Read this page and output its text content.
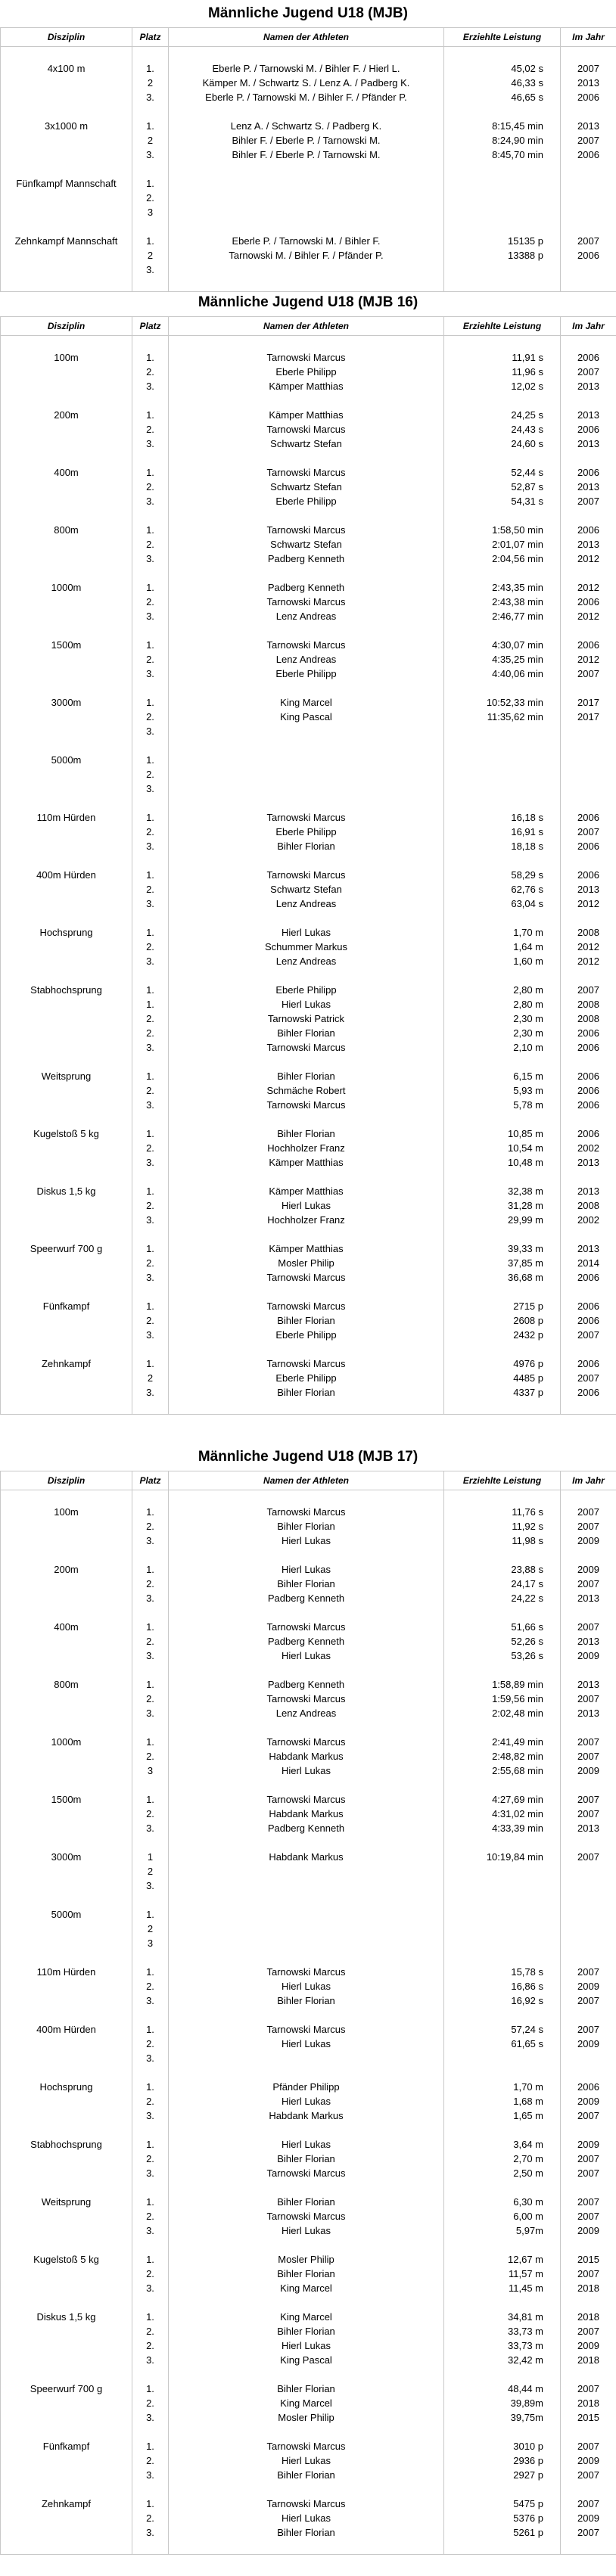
Männliche Jugend U18 (MJB)
Disziplin	Platz	Namen der Athleten	Erziehlte Leistung	Im Jahr

4x100 m	1.	Eberle P. / Tarnowski M. / Bihler F. / Hierl L.	45,02 s	2007
	2	Kämper M. / Schwartz S. / Lenz A. / Padberg K.	46,33 s	2013
	3.	Eberle P. / Tarnowski M. / Bihler F. / Pfänder P.	46,65 s	2006

3x1000 m	1.	Lenz A. / Schwartz S. / Padberg K.	8:15,45 min	2013
	2	Bihler F. / Eberle P. / Tarnowski M.	8:24,90 min	2007
	3.	Bihler F. / Eberle P. / Tarnowski M.	8:45,70 min	2006

Fünfkampf Mannschaft	1.			
	2.			
	3			

Zehnkampf Mannschaft	1.	Eberle P. / Tarnowski M. / Bihler F.	15135 p	2007
	2	Tarnowski M. / Bihler F. / Pfänder P.	13388 p	2006
	3.			

Männliche Jugend U18 (MJB 16)
Disziplin	Platz	Namen der Athleten	Erziehlte Leistung	Im Jahr

100m	1.	Tarnowski Marcus	11,91 s	2006
	2.	Eberle Philipp	11,96 s	2007
	3.	Kämper Matthias	12,02 s	2013

200m	1.	Kämper Matthias	24,25 s	2013
	2.	Tarnowski Marcus	24,43 s	2006
	3.	Schwartz Stefan	24,60 s	2013

400m	1.	Tarnowski Marcus	52,44 s	2006
	2.	Schwartz Stefan	52,87 s	2013
	3.	Eberle Philipp	54,31 s	2007

800m	1.	Tarnowski Marcus	1:58,50 min	2006
	2.	Schwartz Stefan	2:01,07 min	2013
	3.	Padberg Kenneth	2:04,56 min	2012

1000m	1.	Padberg Kenneth	2:43,35 min	2012
	2.	Tarnowski Marcus	2:43,38 min	2006
	3.	Lenz Andreas	2:46,77 min	2012

1500m	1.	Tarnowski Marcus	4:30,07 min	2006
	2.	Lenz Andreas	4:35,25 min	2012
	3.	Eberle Philipp	4:40,06 min	2007

3000m	1.	King Marcel	10:52,33 min	2017
	2.	King Pascal	11:35,62 min	2017
	3.			

5000m	1.			
	2.			
	3.			

110m Hürden	1.	Tarnowski Marcus	16,18 s	2006
	2.	Eberle Philipp	16,91 s	2007
	3.	Bihler Florian	18,18 s	2006

400m Hürden	1.	Tarnowski Marcus	58,29 s	2006
	2.	Schwartz Stefan	62,76 s	2013
	3.	Lenz Andreas	63,04 s	2012

Hochsprung	1.	Hierl Lukas	1,70 m	2008
	2.	Schummer Markus	1,64 m	2012
	3.	Lenz Andreas	1,60 m	2012

Stabhochsprung	1.	Eberle Philipp	2,80 m	2007
	1.	Hierl Lukas	2,80 m	2008
	2.	Tarnowski Patrick	2,30 m	2008
	2.	Bihler Florian	2,30 m	2006
	3.	Tarnowski Marcus	2,10 m	2006

Weitsprung	1.	Bihler Florian	6,15 m	2006
	2.	Schmäche Robert	5,93 m	2006
	3.	Tarnowski Marcus	5,78 m	2006

Kugelstoß 5 kg	1.	Bihler Florian	10,85 m	2006
	2.	Hochholzer Franz	10,54 m	2002
	3.	Kämper Matthias	10,48 m	2013

Diskus 1,5 kg	1.	Kämper Matthias	32,38 m	2013
	2.	Hierl Lukas	31,28 m	2008
	3.	Hochholzer Franz	29,99 m	2002

Speerwurf 700 g	1.	Kämper Matthias	39,33 m	2013
	2.	Mosler Philip	37,85 m	2014
	3.	Tarnowski Marcus	36,68 m	2006

Fünfkampf	1.	Tarnowski Marcus	2715 p	2006
	2.	Bihler Florian	2608 p	2006
	3.	Eberle Philipp	2432 p	2007

Zehnkampf	1.	Tarnowski Marcus	4976 p	2006
	2	Eberle Philipp	4485 p	2007
	3.	Bihler Florian	4337 p	2006

Männliche Jugend U18 (MJB 17)
Disziplin	Platz	Namen der Athleten	Erziehlte Leistung	Im Jahr

100m	1.	Tarnowski Marcus	11,76 s	2007
	2.	Bihler Florian	11,92 s	2007
	3.	Hierl Lukas	11,98 s	2009

200m	1.	Hierl Lukas	23,88 s	2009
	2.	Bihler Florian	24,17 s	2007
	3.	Padberg Kenneth	24,22 s	2013

400m	1.	Tarnowski Marcus	51,66 s	2007
	2.	Padberg Kenneth	52,26 s	2013
	3.	Hierl Lukas	53,26 s	2009

800m	1.	Padberg Kenneth	1:58,89 min	2013
	2.	Tarnowski Marcus	1:59,56 min	2007
	3.	Lenz Andreas	2:02,48 min	2013

1000m	1.	Tarnowski Marcus	2:41,49 min	2007
	2.	Habdank Markus	2:48,82 min	2007
	3	Hierl Lukas	2:55,68 min	2009

1500m	1.	Tarnowski Marcus	4:27,69 min	2007
	2.	Habdank Markus	4:31,02 min	2007
	3.	Padberg Kenneth	4:33,39 min	2013

3000m	1	Habdank Markus	10:19,84 min	2007
	2			
	3.			

5000m	1.			
	2			
	3			

110m Hürden	1.	Tarnowski Marcus	15,78 s	2007
	2.	Hierl Lukas	16,86 s	2009
	3.	Bihler Florian	16,92 s	2007

400m Hürden	1.	Tarnowski Marcus	57,24 s	2007
	2.	Hierl Lukas	61,65 s	2009
	3.			

Hochsprung	1.	Pfänder Philipp	1,70 m	2006
	2.	Hierl Lukas	1,68 m	2009
	3.	Habdank Markus	1,65 m	2007

Stabhochsprung	1.	Hierl Lukas	3,64 m	2009
	2.	Bihler Florian	2,70 m	2007
	3.	Tarnowski Marcus	2,50 m	2007

Weitsprung	1.	Bihler Florian	6,30 m	2007
	2.	Tarnowski Marcus	6,00 m	2007
	3.	Hierl Lukas	5,97m	2009

Kugelstoß 5 kg	1.	Mosler Philip	12,67 m	2015
	2.	Bihler Florian	11,57 m	2007
	3.	King Marcel	11,45 m	2018

Diskus 1,5 kg	1.	King Marcel	34,81 m	2018
	2.	Bihler Florian	33,73 m	2007
	2.	Hierl Lukas	33,73 m	2009
	3.	King Pascal	32,42 m	2018

Speerwurf 700 g	1.	Bihler Florian	48,44 m	2007
	2.	King Marcel	39,89m	2018
	3.	Mosler Philip	39,75m	2015

Fünfkampf	1.	Tarnowski Marcus	3010 p	2007
	2.	Hierl Lukas	2936 p	2009
	3.	Bihler Florian	2927 p	2007

Zehnkampf	1.	Tarnowski Marcus	5475 p	2007
	2.	Hierl Lukas	5376 p	2009
	3.	Bihler Florian	5261 p	2007
